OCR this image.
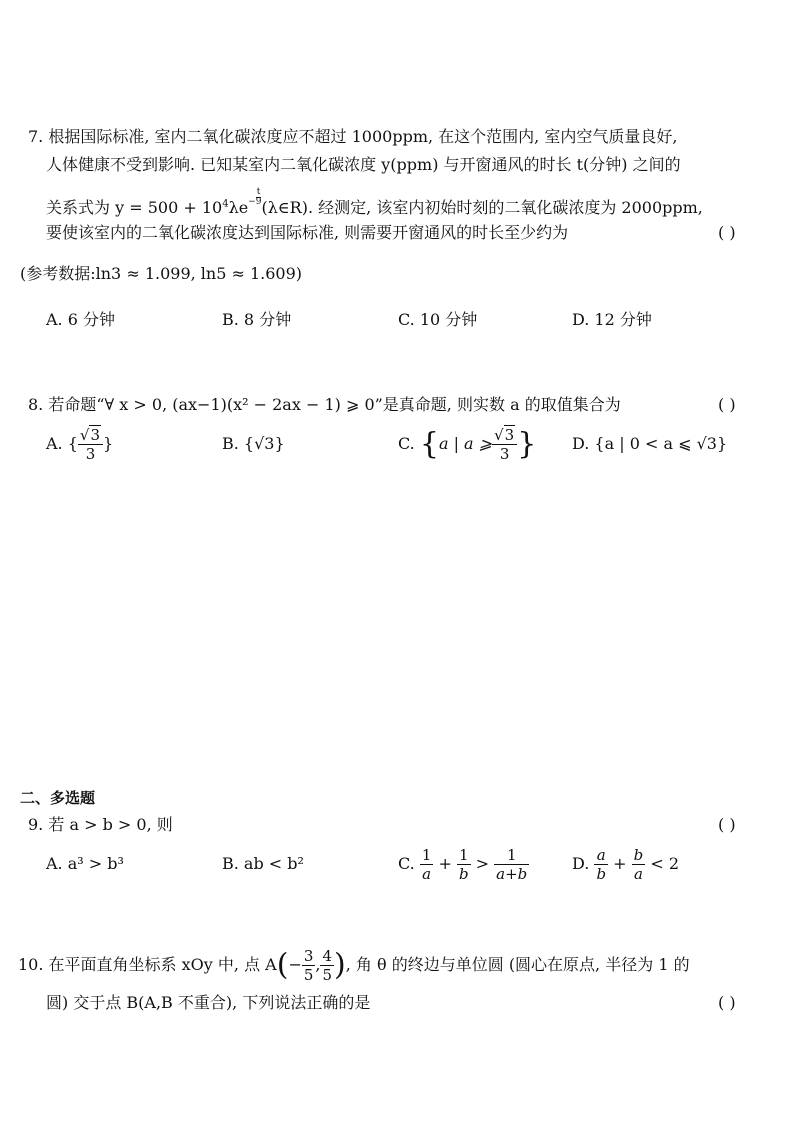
7. 根据国际标准, 室内二氧化碳浓度应不超过 1000ppm, 在这个范围内, 室内空气质量良好,
人体健康不受到影响. 已知某室内二氧化碳浓度 y(ppm) 与开窗通风的时长 t(分钟) 之间的
关系式为 $y = 500 + 10^4\lambda e- \frac{t}{9}$
(λ∈R). 经测定, 该室内初始时刻的二氧化碳浓度为 2000ppm,
要使该室内的二氧化碳浓度达到国际标准, 则需要开窗通风的时长至少约为	( )
(参考数据:ln3 ≈ 1.099, ln5 ≈ 1.609)
A. 6 分钟	B. 8 分钟	C. 10 分钟	D. 12 分钟
8. 若命题“∀ x > 0, (ax−1)(x² − 2ax − 1) ⩾ 0”是真命题, 则实数 a 的取值集合为	( )
A. { $\frac{√3}{3}$ }	B. {√3}	C. {a | a ⩾ $\frac{√3}{3}$ } D. {a | 0 < a ⩽ √3}
二、多选题
9. 若 a > b > 0, 则	( )
A. a³ > b³	B. ab < b²	C. $\frac{1}{a} + \frac{1}{b} > \frac{1}{a+b}$	D. $\frac{a}{b} + \frac{b}{a} < 2$
10. 在平面直角坐标系 xOy 中, 点 $A(- \frac{3}{5}$ , $\frac{4}{5}$ ), 角 θ 的终边与单位圆 (圆心在原点, 半径为 1 的
圆) 交于点 B(A,B 不重合), 下列说法正确的是	( )
